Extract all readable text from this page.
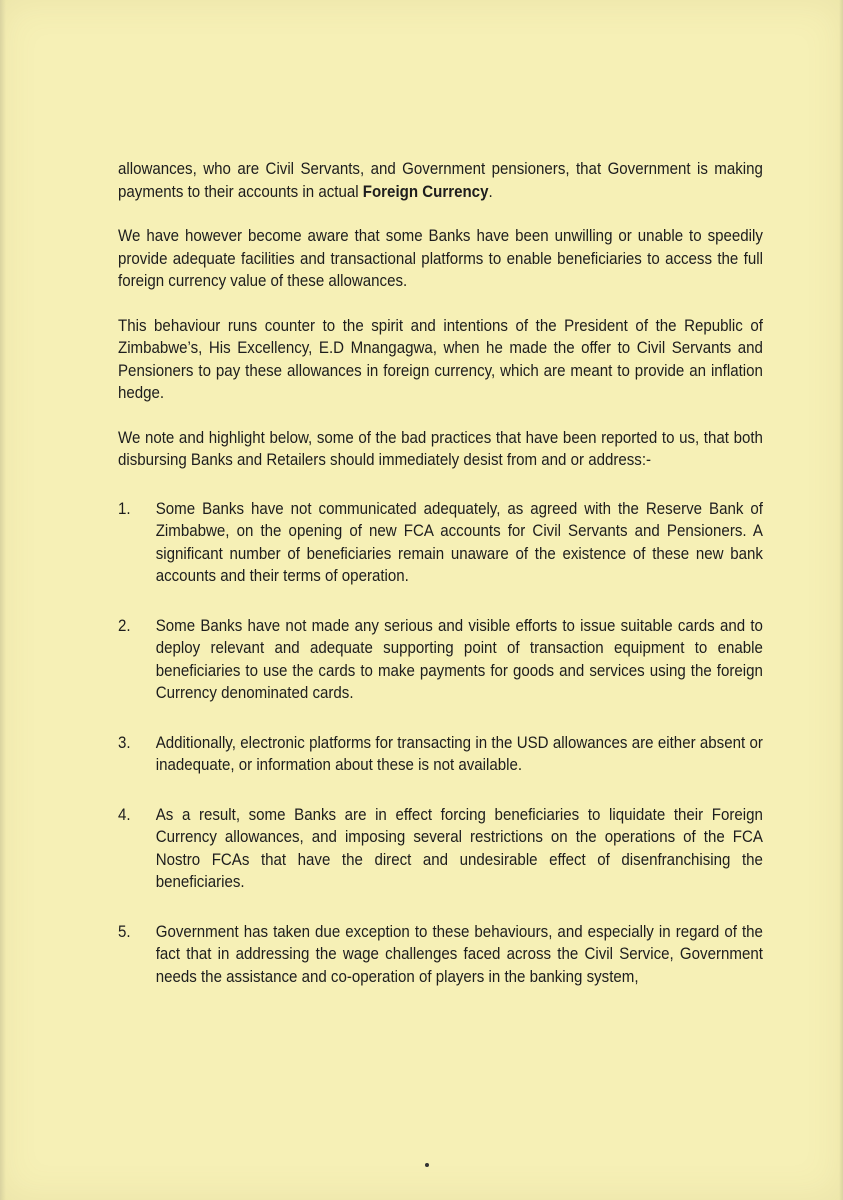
allowances, who are Civil Servants, and Government pensioners, that Government is making payments to their accounts in actual Foreign Currency.

We have however become aware that some Banks have been unwilling or unable to speedily provide adequate facilities and transactional platforms to enable beneficiaries to access the full foreign currency value of these allowances.

This behaviour runs counter to the spirit and intentions of the President of the Republic of Zimbabwe’s, His Excellency, E.D Mnangagwa, when he made the offer to Civil Servants and Pensioners to pay these allowances in foreign currency, which are meant to provide an inflation hedge.

We note and highlight below, some of the bad practices that have been reported to us, that both disbursing Banks and Retailers should immediately desist from and or address:-

1.	Some Banks have not communicated adequately, as agreed with the Reserve Bank of Zimbabwe, on the opening of new FCA accounts for Civil Servants and Pensioners. A significant number of beneficiaries remain unaware of the existence of these new bank accounts and their terms of operation.
2.	Some Banks have not made any serious and visible efforts to issue suitable cards and to deploy relevant and adequate supporting point of transaction equipment to enable beneficiaries to use the cards to make payments for goods and services using the foreign Currency denominated cards.
3.	Additionally, electronic platforms for transacting in the USD allowances are either absent or inadequate, or information about these is not available.
4.	As a result, some Banks are in effect forcing beneficiaries to liquidate their Foreign Currency allowances, and imposing several restrictions on the operations of the FCA Nostro FCAs that have the direct and undesirable effect of disenfranchising the beneficiaries.
5.	Government has taken due exception to these behaviours, and especially in regard of the fact that in addressing the wage challenges faced across the Civil Service, Government needs the assistance and co-operation of players in the banking system,
